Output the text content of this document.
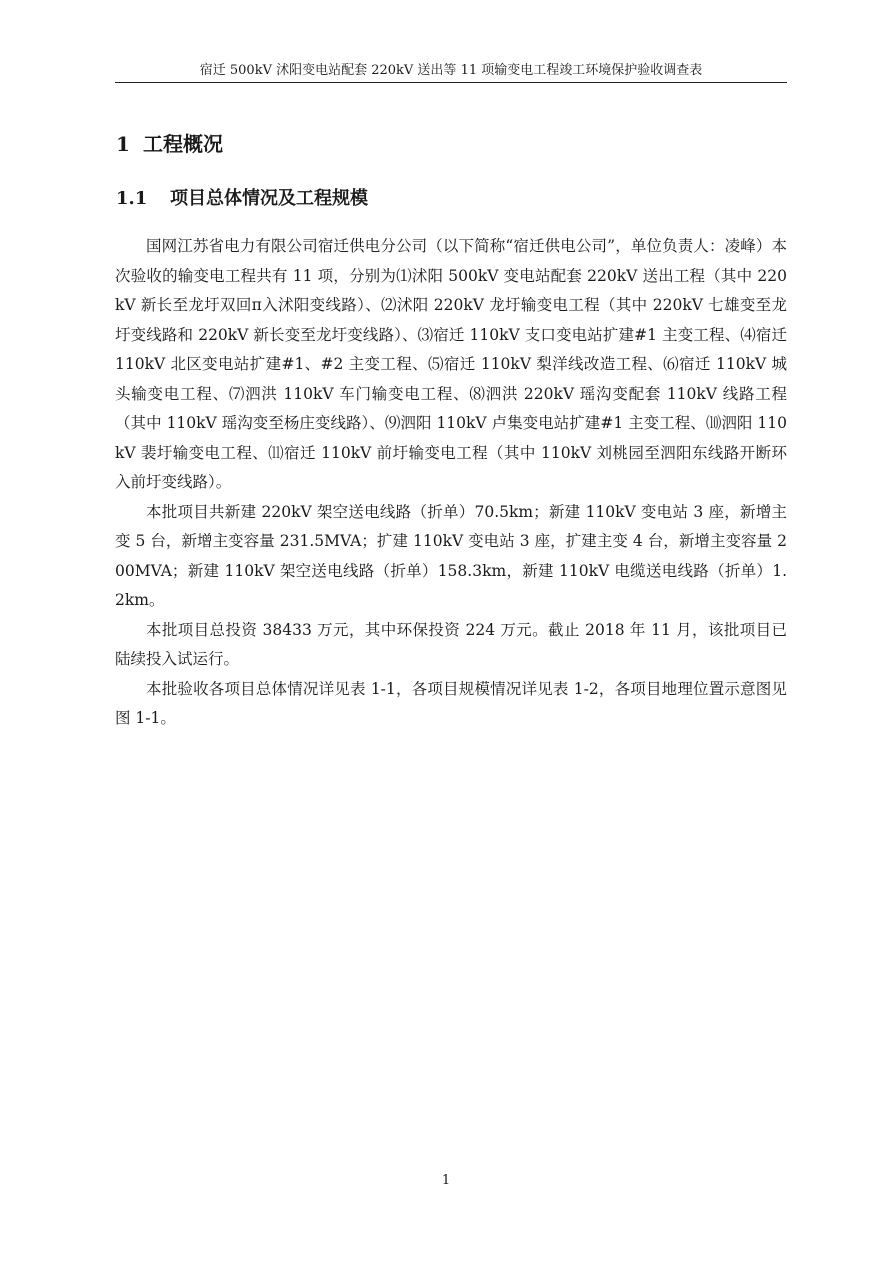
宿迁 500kV 沭阳变电站配套 220kV 送出等 11 项输变电工程竣工环境保护验收调查表
1 工程概况
1.1 项目总体情况及工程规模

国网江苏省电力有限公司宿迁供电分公司（以下简称“宿迁供电公司”，单位负责人：凌峰）本次验收的输变电工程共有 11 项，分别为⑴沭阳 500kV 变电站配套 220kV 送出工程（其中 220kV 新长至龙圩双回π入沭阳变线路）、⑵沭阳 220kV 龙圩输变电工程（其中 220kV 七雄变至龙圩变线路和 220kV 新长变至龙圩变线路）、⑶宿迁 110kV 支口变电站扩建#1 主变工程、⑷宿迁 110kV 北区变电站扩建#1、#2 主变工程、⑸宿迁 110kV 梨洋线改造工程、⑹宿迁 110kV 城头输变电工程、⑺泗洪 110kV 车门输变电工程、⑻泗洪 220kV 瑶沟变配套 110kV 线路工程（其中 110kV 瑶沟变至杨庄变线路）、⑼泗阳 110kV 卢集变电站扩建#1 主变工程、⑽泗阳 110kV 裴圩输变电工程、⑾宿迁 110kV 前圩输变电工程（其中 110kV 刘桃园至泗阳东线路开断环入前圩变线路）。

本批项目共新建 220kV 架空送电线路（折单）70.5km；新建 110kV 变电站 3 座，新增主变 5 台，新增主变容量 231.5MVA；扩建 110kV 变电站 3 座，扩建主变 4 台，新增主变容量 200MVA；新建 110kV 架空送电线路（折单）158.3km，新建 110kV 电缆送电线路（折单）1.2km。

本批项目总投资 38433 万元，其中环保投资 224 万元。截止 2018 年 11 月，该批项目已陆续投入试运行。

本批验收各项目总体情况详见表 1-1，各项目规模情况详见表 1-2，各项目地理位置示意图见图 1-1。

1
